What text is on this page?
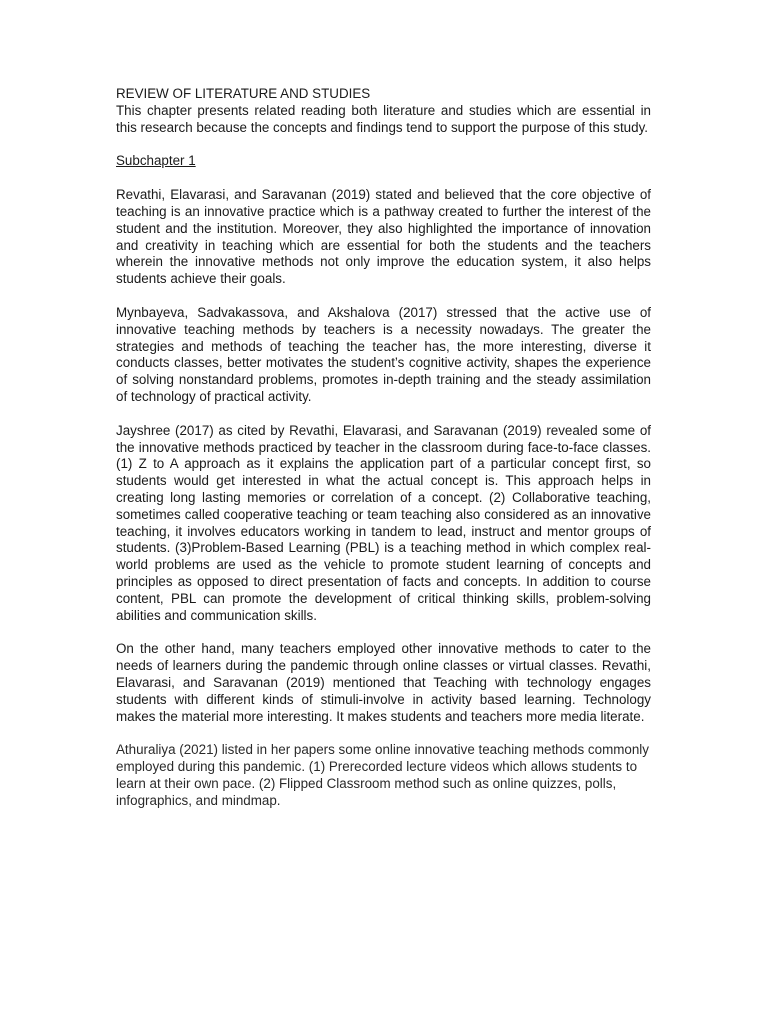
REVIEW OF LITERATURE AND STUDIES

This chapter presents related reading both literature and studies which are essential in this research because the concepts and findings tend to support the purpose of this study.

Subchapter 1

Revathi, Elavarasi, and Saravanan (2019) stated and believed that the core objective of teaching is an innovative practice which is a pathway created to further the interest of the student and the institution. Moreover, they also highlighted the importance of innovation and creativity in teaching which are essential for both the students and the teachers wherein the innovative methods not only improve the education system, it also helps students achieve their goals.

Mynbayeva, Sadvakassova, and Akshalova (2017) stressed that the active use of innovative teaching methods by teachers is a necessity nowadays. The greater the strategies and methods of teaching the teacher has, the more interesting, diverse it conducts classes, better motivates the student’s cognitive activity, shapes the experience of solving nonstandard problems, promotes in-depth training and the steady assimilation of technology of practical activity.

Jayshree (2017) as cited by Revathi, Elavarasi, and Saravanan (2019) revealed some of the innovative methods practiced by teacher in the classroom during face-to-face classes. (1) Z to A approach as it explains the application part of a particular concept first, so students would get interested in what the actual concept is. This approach helps in creating long lasting memories or correlation of a concept. (2) Collaborative teaching, sometimes called cooperative teaching or team teaching also considered as an innovative teaching, it involves educators working in tandem to lead, instruct and mentor groups of students. (3)Problem-Based Learning (PBL) is a teaching method in which complex real-world problems are used as the vehicle to promote student learning of concepts and principles as opposed to direct presentation of facts and concepts. In addition to course content, PBL can promote the development of critical thinking skills, problem-solving abilities and communication skills.

On the other hand, many teachers employed other innovative methods to cater to the needs of learners during the pandemic through online classes or virtual classes. Revathi, Elavarasi, and Saravanan (2019) mentioned that Teaching with technology engages students with different kinds of stimuli-involve in activity based learning. Technology makes the material more interesting. It makes students and teachers more media literate.

Athuraliya (2021) listed in her papers some online innovative teaching methods commonly employed during this pandemic. (1) Prerecorded lecture videos which allows students to learn at their own pace. (2) Flipped Classroom method such as online quizzes, polls, infographics, and mindmap.
